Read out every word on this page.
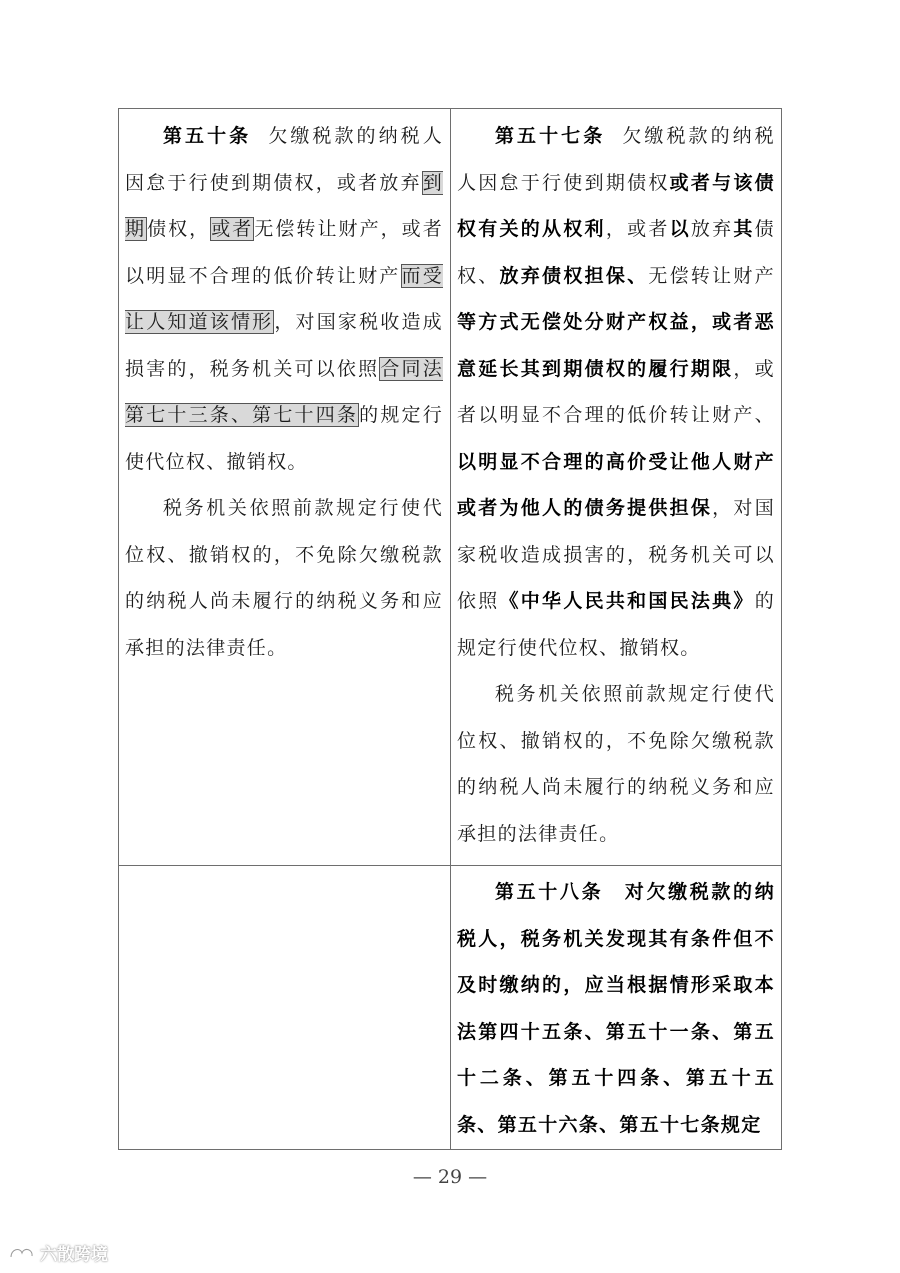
第五十条 欠缴税款的纳税人因怠于行使到期债权，或者放弃到期债权，或者无偿转让财产，或者以明显不合理的低价转让财产而受让人知道该情形，对国家税收造成损害的，税务机关可以依照合同法第七十三条、第七十四条的规定行使代位权、撤销权。

税务机关依照前款规定行使代位权、撤销权的，不免除欠缴税款的纳税人尚未履行的纳税义务和应承担的法律责任。

第五十七条 欠缴税款的纳税人因怠于行使到期债权或者与该债权有关的从权利，或者以放弃其债权、放弃债权担保、无偿转让财产等方式无偿处分财产权益，或者恶意延长其到期债权的履行期限，或者以明显不合理的低价转让财产、以明显不合理的高价受让他人财产或者为他人的债务提供担保，对国家税收造成损害的，税务机关可以依照《中华人民共和国民法典》的规定行使代位权、撤销权。

税务机关依照前款规定行使代位权、撤销权的，不免除欠缴税款的纳税人尚未履行的纳税义务和应承担的法律责任。

第五十八条　对欠缴税款的纳税人，税务机关发现其有条件但不及时缴纳的，应当根据情形采取本法第四十五条、第五十一条、第五十二条、第五十四条、第五十五条、第五十六条、第五十七条规定

— 29 —
六散跨境
